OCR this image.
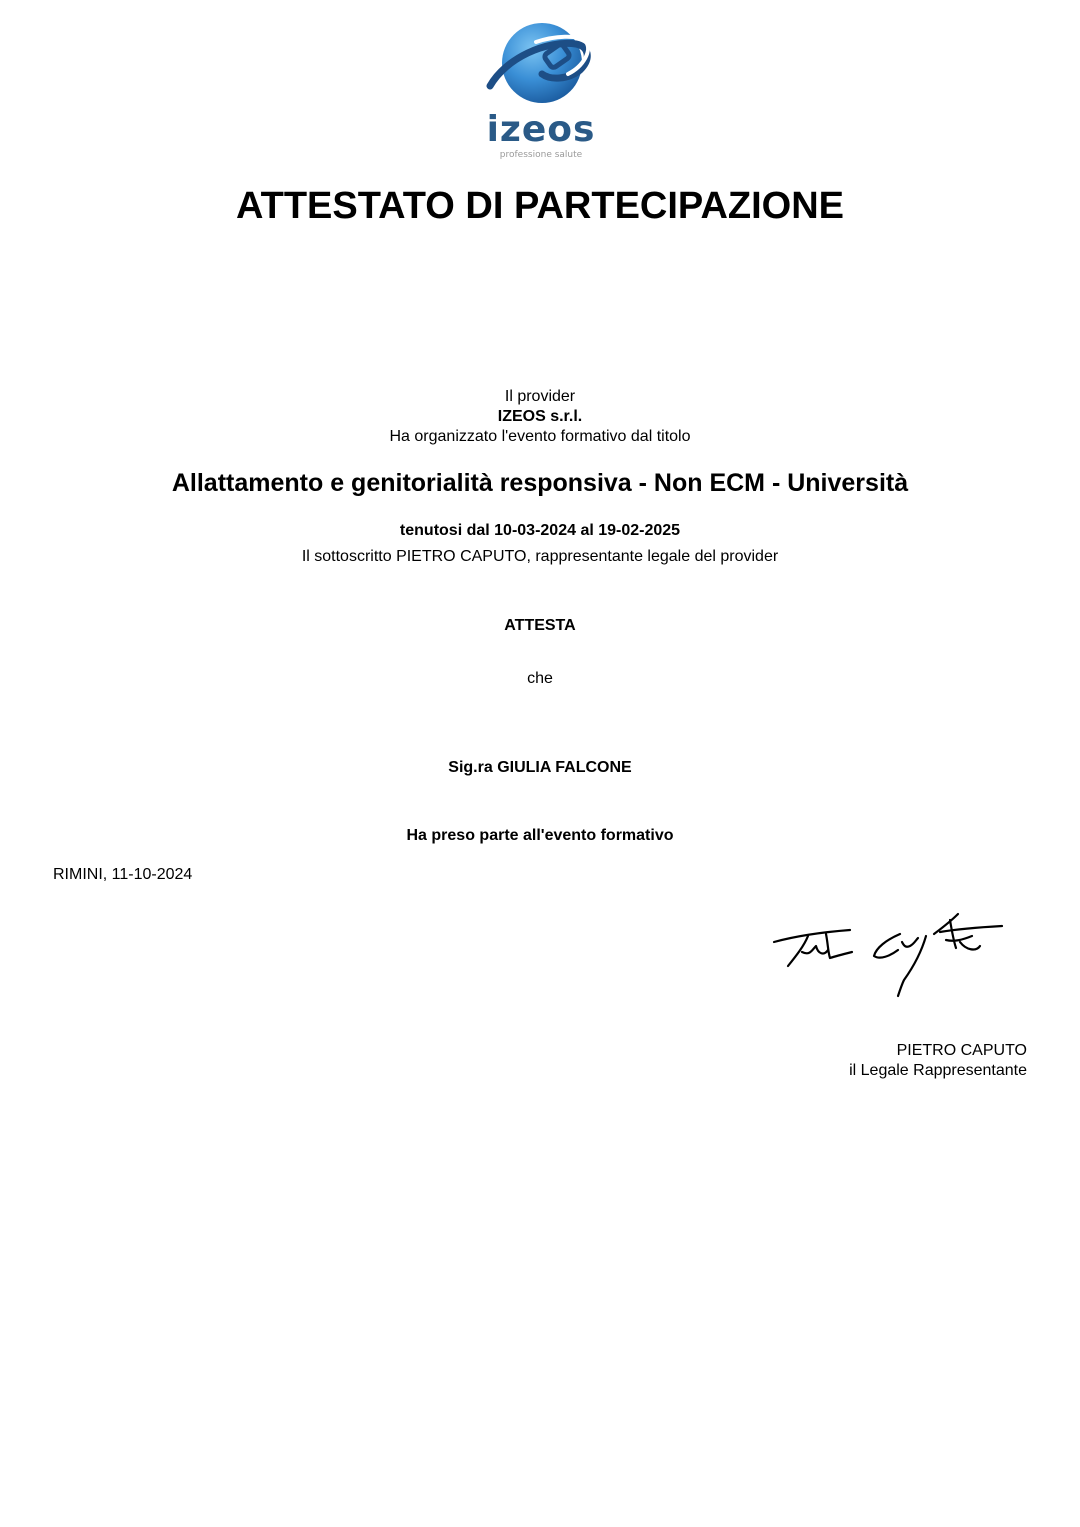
izeos
professione salute
ATTESTATO DI PARTECIPAZIONE
Il provider
IZEOS s.r.l.
Ha organizzato l'evento formativo dal titolo
Allattamento e genitorialità responsiva - Non ECM - Università
tenutosi dal 10-03-2024 al 19-02-2025
Il sottoscritto PIETRO CAPUTO, rappresentante legale del provider
ATTESTA
che
Sig.ra GIULIA FALCONE
Ha preso parte all'evento formativo
RIMINI, 11-10-2024
PIETRO CAPUTO
il Legale Rappresentante
